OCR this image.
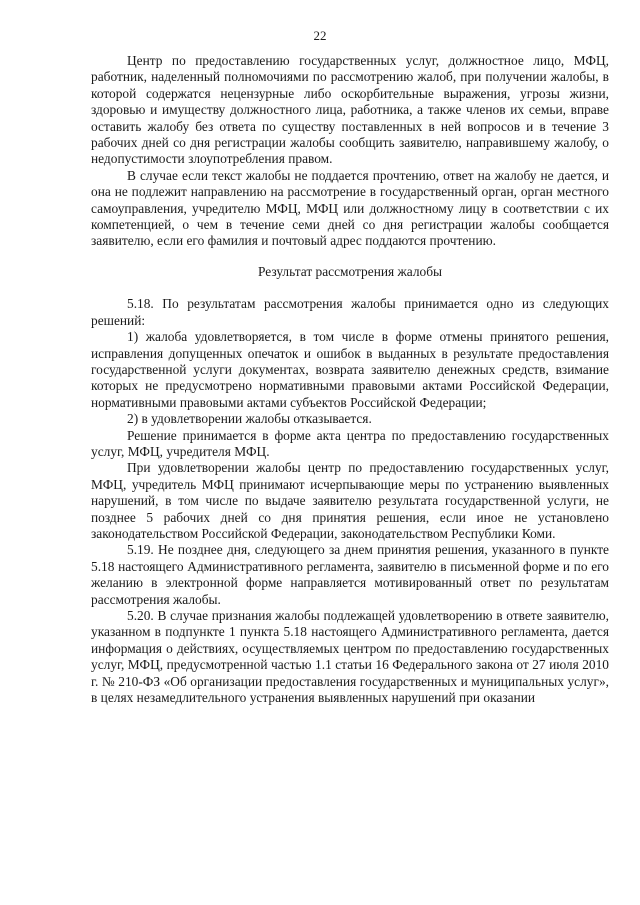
22

Центр по предоставлению государственных услуг, должностное лицо, МФЦ, работник, наделенный полномочиями по рассмотрению жалоб, при получении жалобы, в которой содержатся нецензурные либо оскорбительные выражения, угрозы жизни, здоровью и имуществу должностного лица, работника, а также членов их семьи, вправе оставить жалобу без ответа по существу поставленных в ней вопросов и в течение 3 рабочих дней со дня регистрации жалобы сообщить заявителю, направившему жалобу, о недопустимости злоупотребления правом.

В случае если текст жалобы не поддается прочтению, ответ на жалобу не дается, и она не подлежит направлению на рассмотрение в государственный орган, орган местного самоуправления, учредителю МФЦ, МФЦ или должностному лицу в соответствии с их компетенцией, о чем в течение семи дней со дня регистрации жалобы сообщается заявителю, если его фамилия и почтовый адрес поддаются прочтению.

Результат рассмотрения жалобы

5.18. По результатам рассмотрения жалобы принимается одно из следующих решений:

1) жалоба удовлетворяется, в том числе в форме отмены принятого решения, исправления допущенных опечаток и ошибок в выданных в результате предоставления государственной услуги документах, возврата заявителю денежных средств, взимание которых не предусмотрено нормативными правовыми актами Российской Федерации, нормативными правовыми актами субъектов Российской Федерации;

2) в удовлетворении жалобы отказывается.

Решение принимается в форме акта центра по предоставлению государственных услуг, МФЦ, учредителя МФЦ.

При удовлетворении жалобы центр по предоставлению государственных услуг, МФЦ, учредитель МФЦ принимают исчерпывающие меры по устранению выявленных нарушений, в том числе по выдаче заявителю результата государственной услуги, не позднее 5 рабочих дней со дня принятия решения, если иное не установлено законодательством Российской Федерации, законодательством Республики Коми.

5.19. Не позднее дня, следующего за днем принятия решения, указанного в пункте 5.18 настоящего Административного регламента, заявителю в письменной форме и по его желанию в электронной форме направляется мотивированный ответ по результатам рассмотрения жалобы.

5.20. В случае признания жалобы подлежащей удовлетворению в ответе заявителю, указанном в подпункте 1 пункта 5.18 настоящего Административного регламента, дается информация о действиях, осуществляемых центром по предоставлению государственных услуг, МФЦ, предусмотренной частью 1.1 статьи 16 Федерального закона от 27 июля 2010 г. № 210-ФЗ «Об организации предоставления государственных и муниципальных услуг», в целях незамедлительного устранения выявленных нарушений при оказании
